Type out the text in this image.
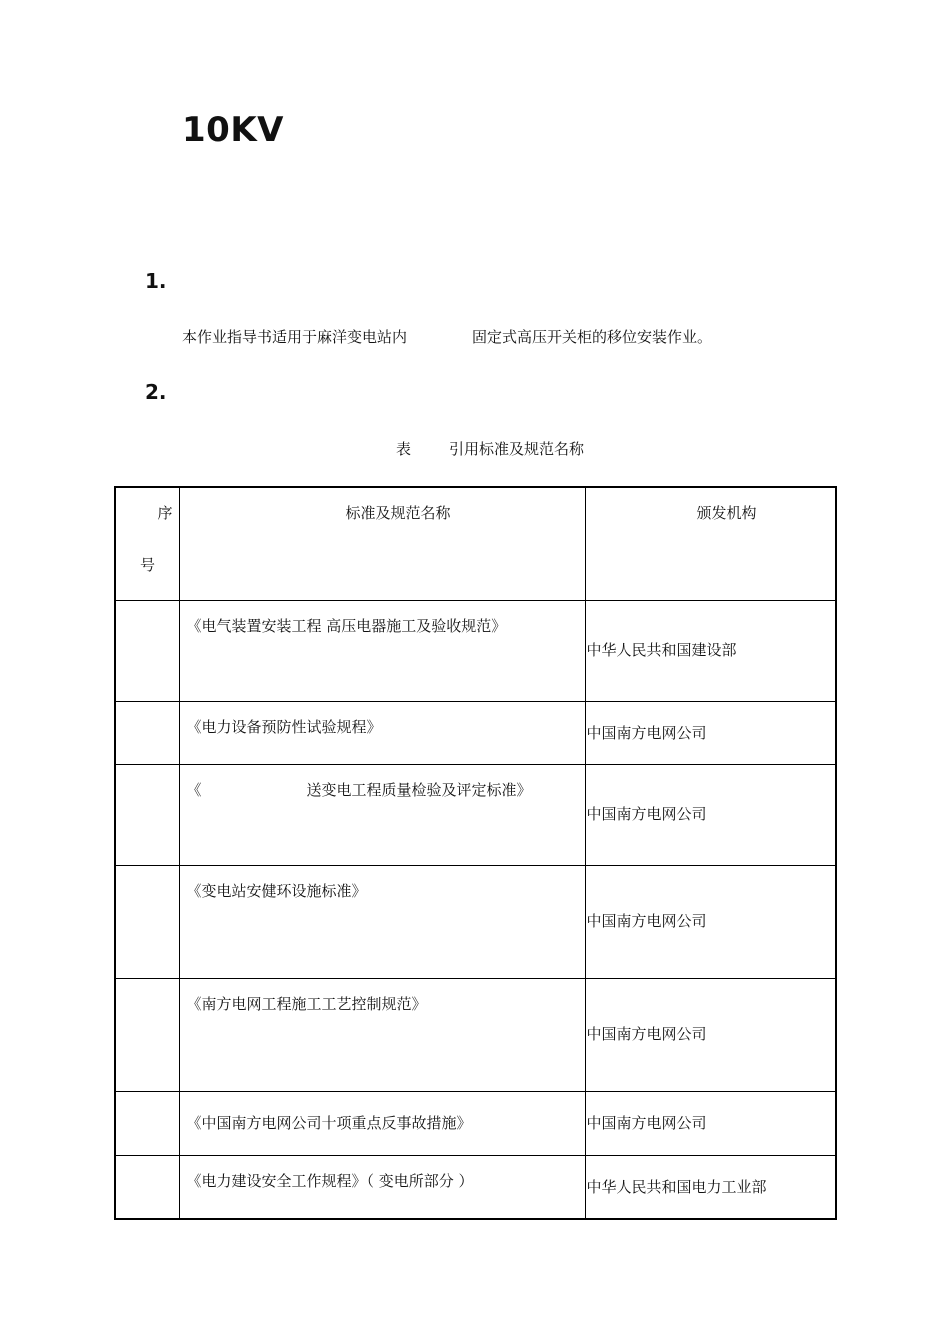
10KV
1.
本作业指导书适用于麻洋变电站内	固定式高压开关柜的移位安装作业。
2.
表	引用标准及规范名称
序
号	标准及规范名称	颁发机构

	《电气装置安装工程 高压电器施工及验收规范》	中华人民共和国建设部

	《电力设备预防性试验规程》	中国南方电网公司

	《 送变电工程质量检验及评定标准》	中国南方电网公司

	《变电站安健环设施标准》	中国南方电网公司

	《南方电网工程施工工艺控制规范》	中国南方电网公司

	《中国南方电网公司十项重点反事故措施》	中国南方电网公司

	《电力建设安全工作规程》（ 变电所部分 ）	中华人民共和国电力工业部
